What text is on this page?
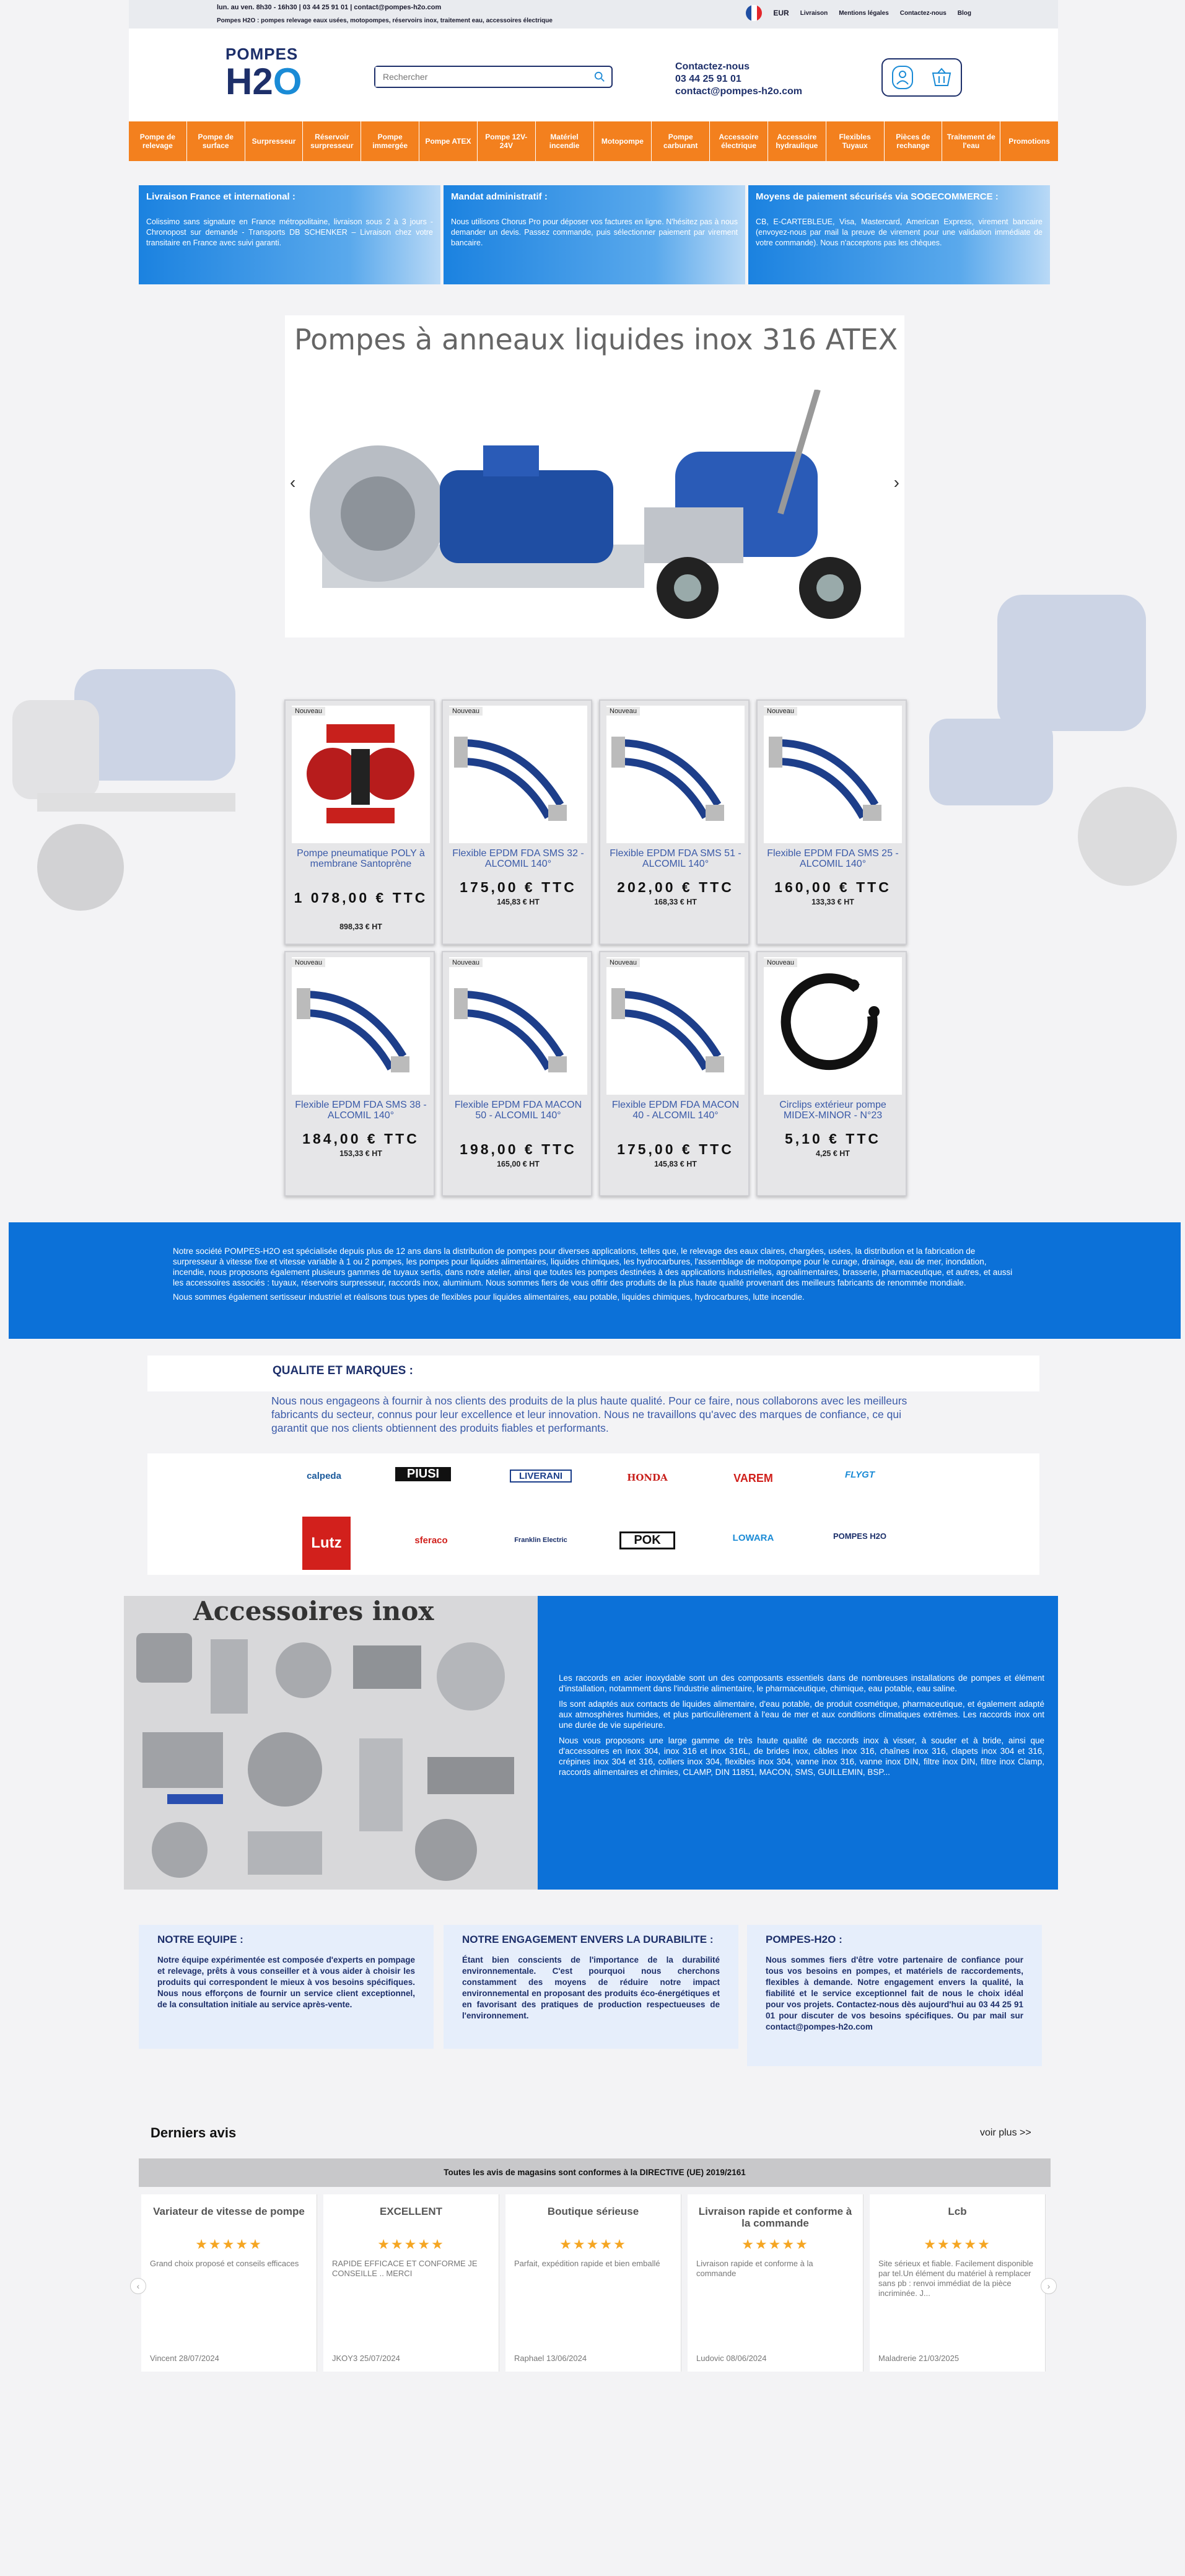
lun. au ven. 8h30 - 16h30 | 03 44 25 91 01 | contact@pompes-h2o.com
Pompes H2O : pompes relevage eaux usées, motopompes, réservoirs inox, traitement eau, accessoires électrique
EUR Livraison Mentions légales Contactez-nous Blog
POMPES
H2O
Rechercher	Contactez-nous
03 44 25 91 01
contact@pompes-h2o.com
Pompe de relevage
Pompe de surface	Surpresseur	Réservoir surpresseur
Pompe immergée	Pompe ATEX	Pompe 12V-24V
Matériel incendie	Motopompe	Pompe carburant
Accessoire électrique
Accessoire hydraulique
Flexibles Tuyaux
Pièces de rechange
Traitement de l'eau	Promotions
Livraison France et international :

Colissimo sans signature en France métropolitaine, livraison sous 2 à 3 jours - Chronopost sur demande - Transports DB SCHENKER – Livraison chez votre transitaire en France avec suivi garanti.

Mandat administratif :

Nous utilisons Chorus Pro pour déposer vos factures en ligne. N'hésitez pas à nous demander un devis. Passez commande, puis sélectionner paiement par virement bancaire.

Moyens de paiement sécurisés via SOGECOMMERCE :

CB, E-CARTEBLEUE, Visa, Mastercard, American Express, virement bancaire (envoyez-nous par mail la preuve de virement pour une validation immédiate de votre commande). Nous n'acceptons pas les chèques.

Pompes à anneaux liquides inox 316 ATEX
‹	›
Nouveau
Pompe pneumatique POLY à membrane Santoprène
1 078,00 € TTC
898,33 € HT
Nouveau
Flexible EPDM FDA SMS 32 - ALCOMIL 140°
175,00 € TTC
145,83 € HT
Nouveau
Flexible EPDM FDA SMS 51 - ALCOMIL 140°
202,00 € TTC
168,33 € HT
Nouveau
Flexible EPDM FDA SMS 25 - ALCOMIL 140°
160,00 € TTC
133,33 € HT
Nouveau
Flexible EPDM FDA SMS 38 - ALCOMIL 140°
184,00 € TTC
153,33 € HT
Nouveau
Flexible EPDM FDA MACON 50 - ALCOMIL 140°
198,00 € TTC
165,00 € HT
Nouveau
Flexible EPDM FDA MACON 40 - ALCOMIL 140°
175,00 € TTC
145,83 € HT
Nouveau
Circlips extérieur pompe MIDEX-MINOR - N°23
5,10 € TTC
4,25 € HT

Notre société POMPES-H2O est spécialisée depuis plus de 12 ans dans la distribution de pompes pour diverses applications, telles que, le relevage des eaux claires, chargées, usées, la distribution et la fabrication de surpresseur à vitesse fixe et vitesse variable à 1 ou 2 pompes, les pompes pour liquides alimentaires, liquides chimiques, les hydrocarbures, l'assemblage de motopompe pour le curage, drainage, eau de mer, inondation, incendie, nous proposons également plusieurs gammes de tuyaux sertis, dans notre atelier, ainsi que toutes les pompes destinées à des applications industrielles, agroalimentaires, brasserie, pharmaceutique, et autres, et aussi les accessoires associés : tuyaux, réservoirs surpresseur, raccords inox, aluminium. Nous sommes fiers de vous offrir des produits de la plus haute qualité provenant des meilleurs fabricants de renommée mondiale.

Nous sommes également sertisseur industriel et réalisons tous types de flexibles pour liquides alimentaires, eau potable, liquides chimiques, hydrocarbures, lutte incendie.

QUALITE ET MARQUES :
Nous nous engageons à fournir à nos clients des produits de la plus haute qualité. Pour ce faire, nous collaborons avec les meilleurs fabricants du secteur, connus pour leur excellence et leur innovation. Nous ne travaillons qu'avec des marques de confiance, ce qui garantit que nos clients obtiennent des produits fiables et performants.
calpeda	PIUSI	LIVERANI	HONDA	VAREM	FLYGT
Lutz	sferaco	Franklin Electric	POK	LOWARA	POMPES H2O
Accessoires inox

Les raccords en acier inoxydable sont un des composants essentiels dans de nombreuses installations de pompes et élément d'installation, notamment dans l'industrie alimentaire, le pharmaceutique, chimique, eau potable, eau saline.

Ils sont adaptés aux contacts de liquides alimentaire, d'eau potable, de produit cosmétique, pharmaceutique, et également adapté aux atmosphères humides, et plus particulièrement à l'eau de mer et aux conditions climatiques extrêmes. Les raccords inox ont une durée de vie supérieure.

Nous vous proposons une large gamme de très haute qualité de raccords inox à visser, à souder et à bride, ainsi que d'accessoires en inox 304, inox 316 et inox 316L, de brides inox, câbles inox 316, chaînes inox 316, clapets inox 304 et 316, crépines inox 304 et 316, colliers inox 304, flexibles inox 304, vanne inox 316, vanne inox DIN, filtre inox DIN, filtre inox Clamp, raccords alimentaires et chimies, CLAMP, DIN 11851, MACON, SMS, GUILLEMIN, BSP...

NOTRE EQUIPE :

Notre équipe expérimentée est composée d'experts en pompage et relevage, prêts à vous conseiller et à vous aider à choisir les produits qui correspondent le mieux à vos besoins spécifiques. Nous nous efforçons de fournir un service client exceptionnel, de la consultation initiale au service après-vente.

NOTRE ENGAGEMENT ENVERS LA DURABILITE :

Étant bien conscients de l'importance de la durabilité environnementale. C'est pourquoi nous cherchons constamment des moyens de réduire notre impact environnemental en proposant des produits éco-énergétiques et en favorisant des pratiques de production respectueuses de l'environnement.

POMPES-H2O :

Nous sommes fiers d'être votre partenaire de confiance pour tous vos besoins en pompes, et matériels de raccordements, flexibles à demande. Notre engagement envers la qualité, la fiabilité et le service exceptionnel fait de nous le choix idéal pour vos projets. Contactez-nous dès aujourd'hui au 03 44 25 91 01 pour discuter de vos besoins spécifiques. Ou par mail sur contact@pompes-h2o.com

Derniers avis	voir plus >>
Toutes les avis de magasins sont conformes à la DIRECTIVE (UE) 2019/2161
Variateur de vitesse de pompe
★★★★★
Grand choix proposé et conseils efficaces
Vincent 28/07/2024
EXCELLENT
★★★★★
RAPIDE EFFICACE ET CONFORME JE CONSEILLE .. MERCI
JKOY3 25/07/2024
Boutique sérieuse
★★★★★
Parfait, expédition rapide et bien emballé
Raphael 13/06/2024
Livraison rapide et conforme à la commande
★★★★★
Livraison rapide et conforme à la commande
Ludovic 08/06/2024
Lcb
★★★★★
Site sérieux et fiable. Facilement disponible par tel.Un élément du matériel à remplacer sans pb : renvoi immédiat de la pièce incriminée. J...
Maladrerie 21/03/2025
‹	›
